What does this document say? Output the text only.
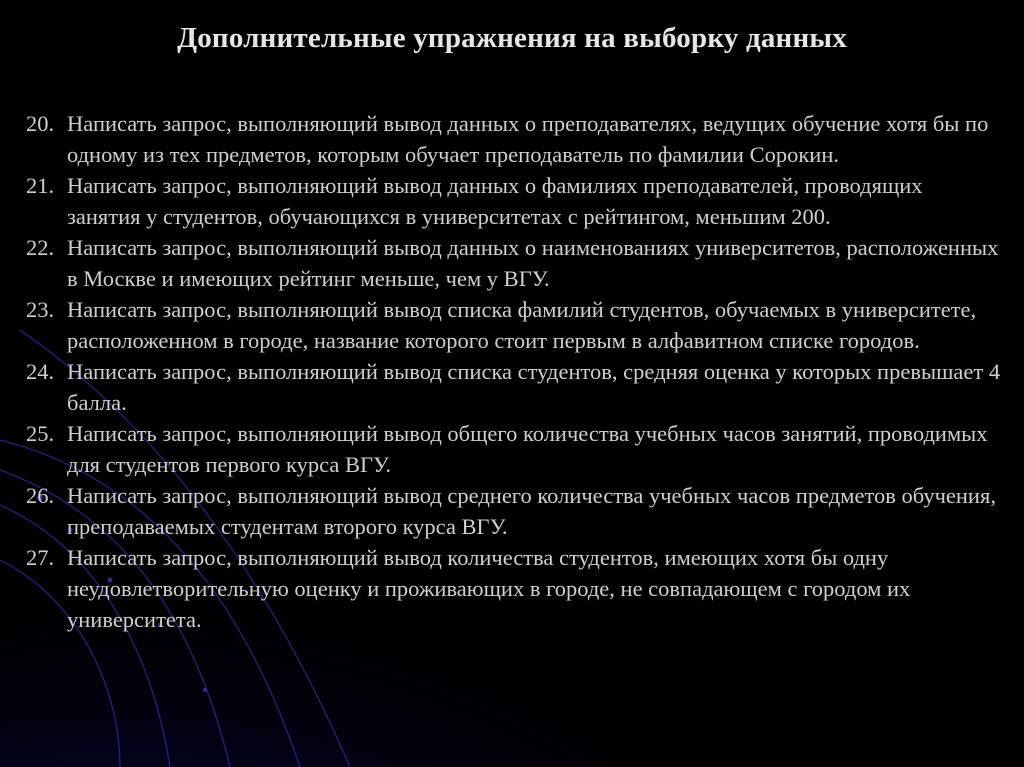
Дополнительные упражнения на выборку данных
20. Написать запрос, выполняющий вывод данных о преподавателях, ведущих обучение хотя бы по одному из тех предметов, которым обучает преподаватель по фамилии Сорокин.
21. Написать запрос, выполняющий вывод данных о фамилиях преподавателей, проводящих занятия у студентов, обучающихся в университетах с рейтингом, меньшим 200.
22. Написать запрос, выполняющий вывод данных о наименованиях университетов, расположенных в Москве и имеющих рейтинг меньше, чем у ВГУ.
23. Написать запрос, выполняющий вывод списка фамилий студентов, обучаемых в университете, расположенном в городе, название которого стоит первым в алфавитном списке городов.
24. Написать запрос, выполняющий вывод списка студентов, средняя оценка у которых превышает 4 балла.
25. Написать запрос, выполняющий вывод общего количества учебных часов занятий, проводимых для студентов первого курса ВГУ.
26. Написать запрос, выполняющий вывод среднего количества учебных часов предметов обучения, преподаваемых студентам второго курса ВГУ.
27. Написать запрос, выполняющий вывод количества студентов, имеющих хотя бы одну неудовлетворительную оценку и проживающих в городе, не совпадающем с городом их университета.
